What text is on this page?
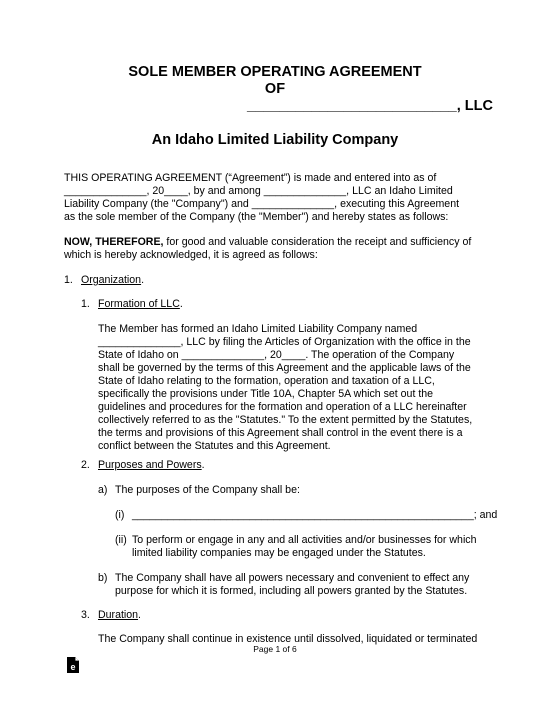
SOLE MEMBER OPERATING AGREEMENT
OF
__________________________, LLC
An Idaho Limited Liability Company
THIS OPERATING AGREEMENT (“Agreement”) is made and entered into as of
______________, 20____, by and among ______________, LLC an Idaho Limited
Liability Company (the "Company") and ______________, executing this Agreement
as the sole member of the Company (the "Member") and hereby states as follows:
NOW, THEREFORE, for good and valuable consideration the receipt and sufficiency of
which is hereby acknowledged, it is agreed as follows:
1. Organization.
1. Formation of LLC.
The Member has formed an Idaho Limited Liability Company named
______________, LLC by filing the Articles of Organization with the office in the
State of Idaho on ______________, 20____. The operation of the Company
shall be governed by the terms of this Agreement and the applicable laws of the
State of Idaho relating to the formation, operation and taxation of a LLC,
specifically the provisions under Title 10A, Chapter 5A which set out the
guidelines and procedures for the formation and operation of a LLC hereinafter
collectively referred to as the "Statutes." To the extent permitted by the Statutes,
the terms and provisions of this Agreement shall control in the event there is a
conflict between the Statutes and this Agreement.
2. Purposes and Powers.
a) The purposes of the Company shall be:
(i) __________________________________________________________; and
(ii) To perform or engage in any and all activities and/or businesses for which
limited liability companies may be engaged under the Statutes.
b) The Company shall have all powers necessary and convenient to effect any
purpose for which it is formed, including all powers granted by the Statutes.
3. Duration.
The Company shall continue in existence until dissolved, liquidated or terminated
Page 1 of 6
e
